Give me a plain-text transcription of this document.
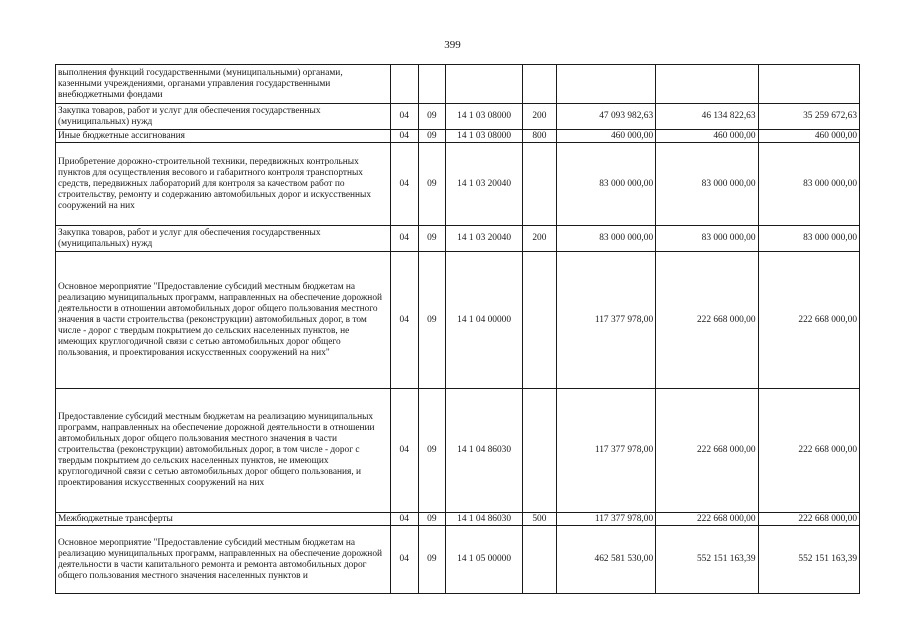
399
выполнения функций государственными (муниципальными) органами, казенными учреждениями, органами управления государственными внебюджетными фондами							
Закупка товаров, работ и услуг для обеспечения государственных (муниципальных) нужд	04	09	14 1 03 08000	200	47 093 982,63	46 134 822,63	35 259 672,63
Иные бюджетные ассигнования	04	09	14 1 03 08000	800	460 000,00	460 000,00	460 000,00
Приобретение дорожно-строительной техники, передвижных контрольных пунктов для осуществления весового и габаритного контроля транспортных средств, передвижных лабораторий для контроля за качеством работ по строительству, ремонту и содержанию автомобильных дорог и искусственных сооружений на них	04	09	14 1 03 20040		83 000 000,00	83 000 000,00	83 000 000,00
Закупка товаров, работ и услуг для обеспечения государственных (муниципальных) нужд	04	09	14 1 03 20040	200	83 000 000,00	83 000 000,00	83 000 000,00
Основное мероприятие "Предоставление субсидий местным бюджетам на реализацию муниципальных программ, направленных на обеспечение дорожной деятельности в отношении автомобильных дорог общего пользования местного значения в части строительства (реконструкции) автомобильных дорог, в том числе - дорог с твердым покрытием до сельских населенных пунктов, не имеющих круглогодичной связи с сетью автомобильных дорог общего пользования, и проектирования искусственных сооружений на них"	04	09	14 1 04 00000		117 377 978,00	222 668 000,00	222 668 000,00
Предоставление субсидий местным бюджетам на реализацию муниципальных программ, направленных на обеспечение дорожной деятельности в отношении автомобильных дорог общего пользования местного значения в части строительства (реконструкции) автомобильных дорог, в том числе - дорог с твердым покрытием до сельских населенных пунктов, не имеющих круглогодичной связи с сетью автомобильных дорог общего пользования, и проектирования искусственных сооружений на них	04	09	14 1 04 86030		117 377 978,00	222 668 000,00	222 668 000,00
Межбюджетные трансферты	04	09	14 1 04 86030	500	117 377 978,00	222 668 000,00	222 668 000,00
Основное мероприятие "Предоставление субсидий местным бюджетам на реализацию муниципальных программ, направленных на обеспечение дорожной деятельности в части капитального ремонта и ремонта автомобильных дорог общего пользования местного значения населенных пунктов и	04	09	14 1 05 00000		462 581 530,00	552 151 163,39	552 151 163,39
